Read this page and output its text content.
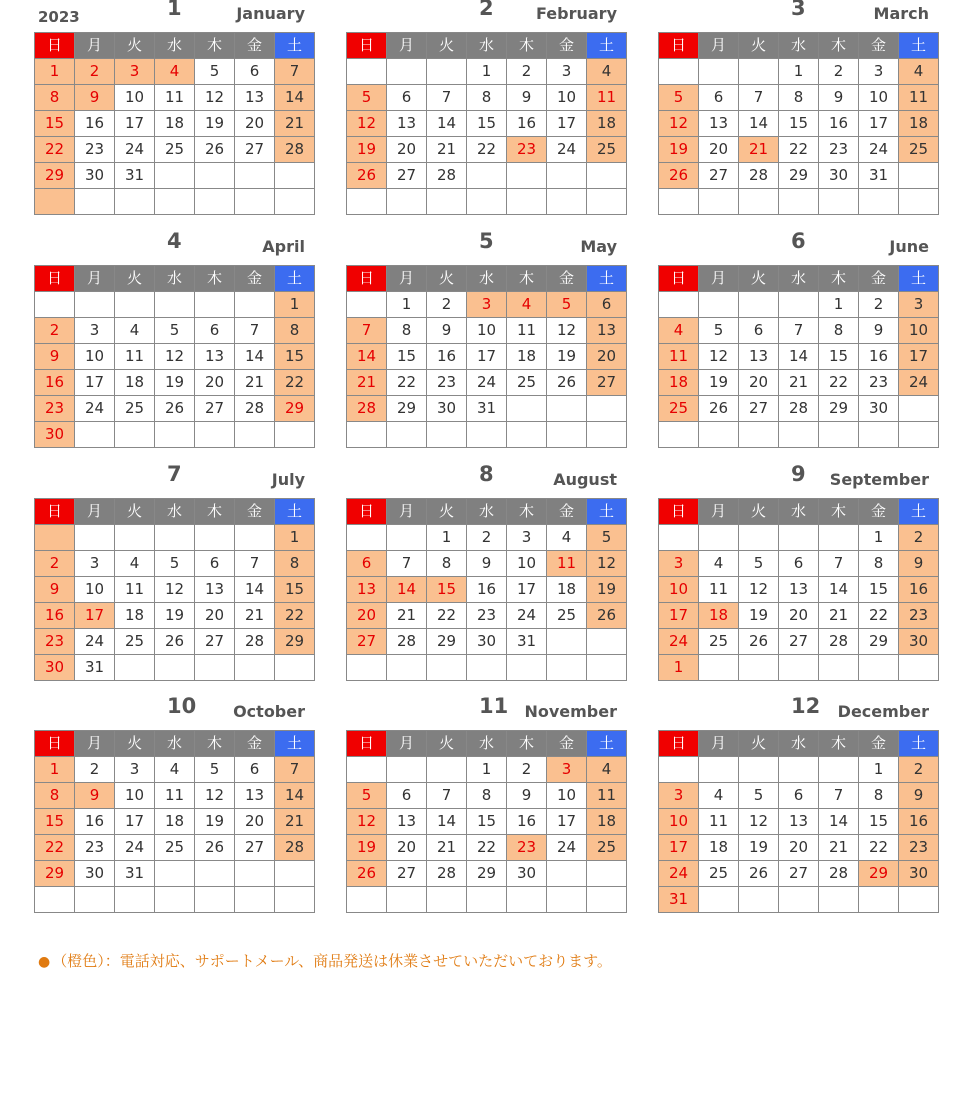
2023	1	January
日	月	火	水	木	金	土
1	2	3	4	5	6	7
8	9	10	11	12	13	14
15	16	17	18	19	20	21
22	23	24	25	26	27	28
29	30	31				

2	February
日	月	火	水	木	金	土
			1	2	3	4
5	6	7	8	9	10	11
12	13	14	15	16	17	18
19	20	21	22	23	24	25
26	27	28				

3	March
日	月	火	水	木	金	土
			1	2	3	4
5	6	7	8	9	10	11
12	13	14	15	16	17	18
19	20	21	22	23	24	25
26	27	28	29	30	31	

4	April
日	月	火	水	木	金	土
						1
2	3	4	5	6	7	8
9	10	11	12	13	14	15
16	17	18	19	20	21	22
23	24	25	26	27	28	29
30						
5	May
日	月	火	水	木	金	土
	1	2	3	4	5	6
7	8	9	10	11	12	13
14	15	16	17	18	19	20
21	22	23	24	25	26	27
28	29	30	31			

6	June
日	月	火	水	木	金	土
				1	2	3
4	5	6	7	8	9	10
11	12	13	14	15	16	17
18	19	20	21	22	23	24
25	26	27	28	29	30	

7	July
日	月	火	水	木	金	土
						1
2	3	4	5	6	7	8
9	10	11	12	13	14	15
16	17	18	19	20	21	22
23	24	25	26	27	28	29
30	31					
8	August
日	月	火	水	木	金	土
		1	2	3	4	5
6	7	8	9	10	11	12
13	14	15	16	17	18	19
20	21	22	23	24	25	26
27	28	29	30	31		

9 September
日	月	火	水	木	金	土
					1	2
3	4	5	6	7	8	9
10	11	12	13	14	15	16
17	18	19	20	21	22	23
24	25	26	27	28	29	30
1						
10 October
日	月	火	水	木	金	土
1	2	3	4	5	6	7
8	9	10	11	12	13	14
15	16	17	18	19	20	21
22	23	24	25	26	27	28
29	30	31				

11 November
日	月	火	水	木	金	土
			1	2	3	4
5	6	7	8	9	10	11
12	13	14	15	16	17	18
19	20	21	22	23	24	25
26	27	28	29	30		

12 December
日	月	火	水	木	金	土
					1	2
3	4	5	6	7	8	9
10	11	12	13	14	15	16
17	18	19	20	21	22	23
24	25	26	27	28	29	30
31						
● （橙色）：電話対応、サポートメール、商品発送は休業させていただいております。
